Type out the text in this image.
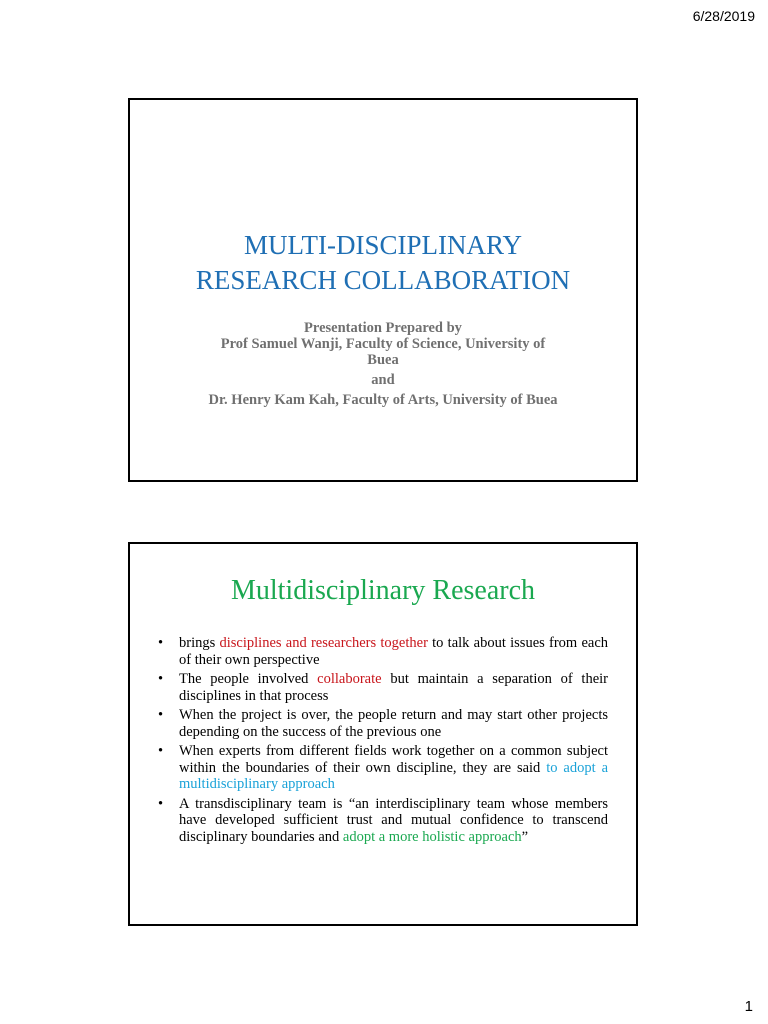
6/28/2019
MULTI-DISCIPLINARY
RESEARCH COLLABORATION
Presentation Prepared by
Prof Samuel Wanji, Faculty of Science, University of
Buea
and
Dr. Henry Kam Kah, Faculty of Arts, University of Buea
Multidisciplinary Research
• brings disciplines and researchers together to talk about issues from each of their own perspective
• The people involved collaborate but maintain a separation of their disciplines in that process
• When the project is over, the people return and may start other projects depending on the success of the previous one
• When experts from different fields work together on a common subject within the boundaries of their own discipline, they are said to adopt a multidisciplinary approach
• A transdisciplinary team is “an interdisciplinary team whose members have developed sufficient trust and mutual confidence to transcend disciplinary boundaries and adopt a more holistic approach”
1
